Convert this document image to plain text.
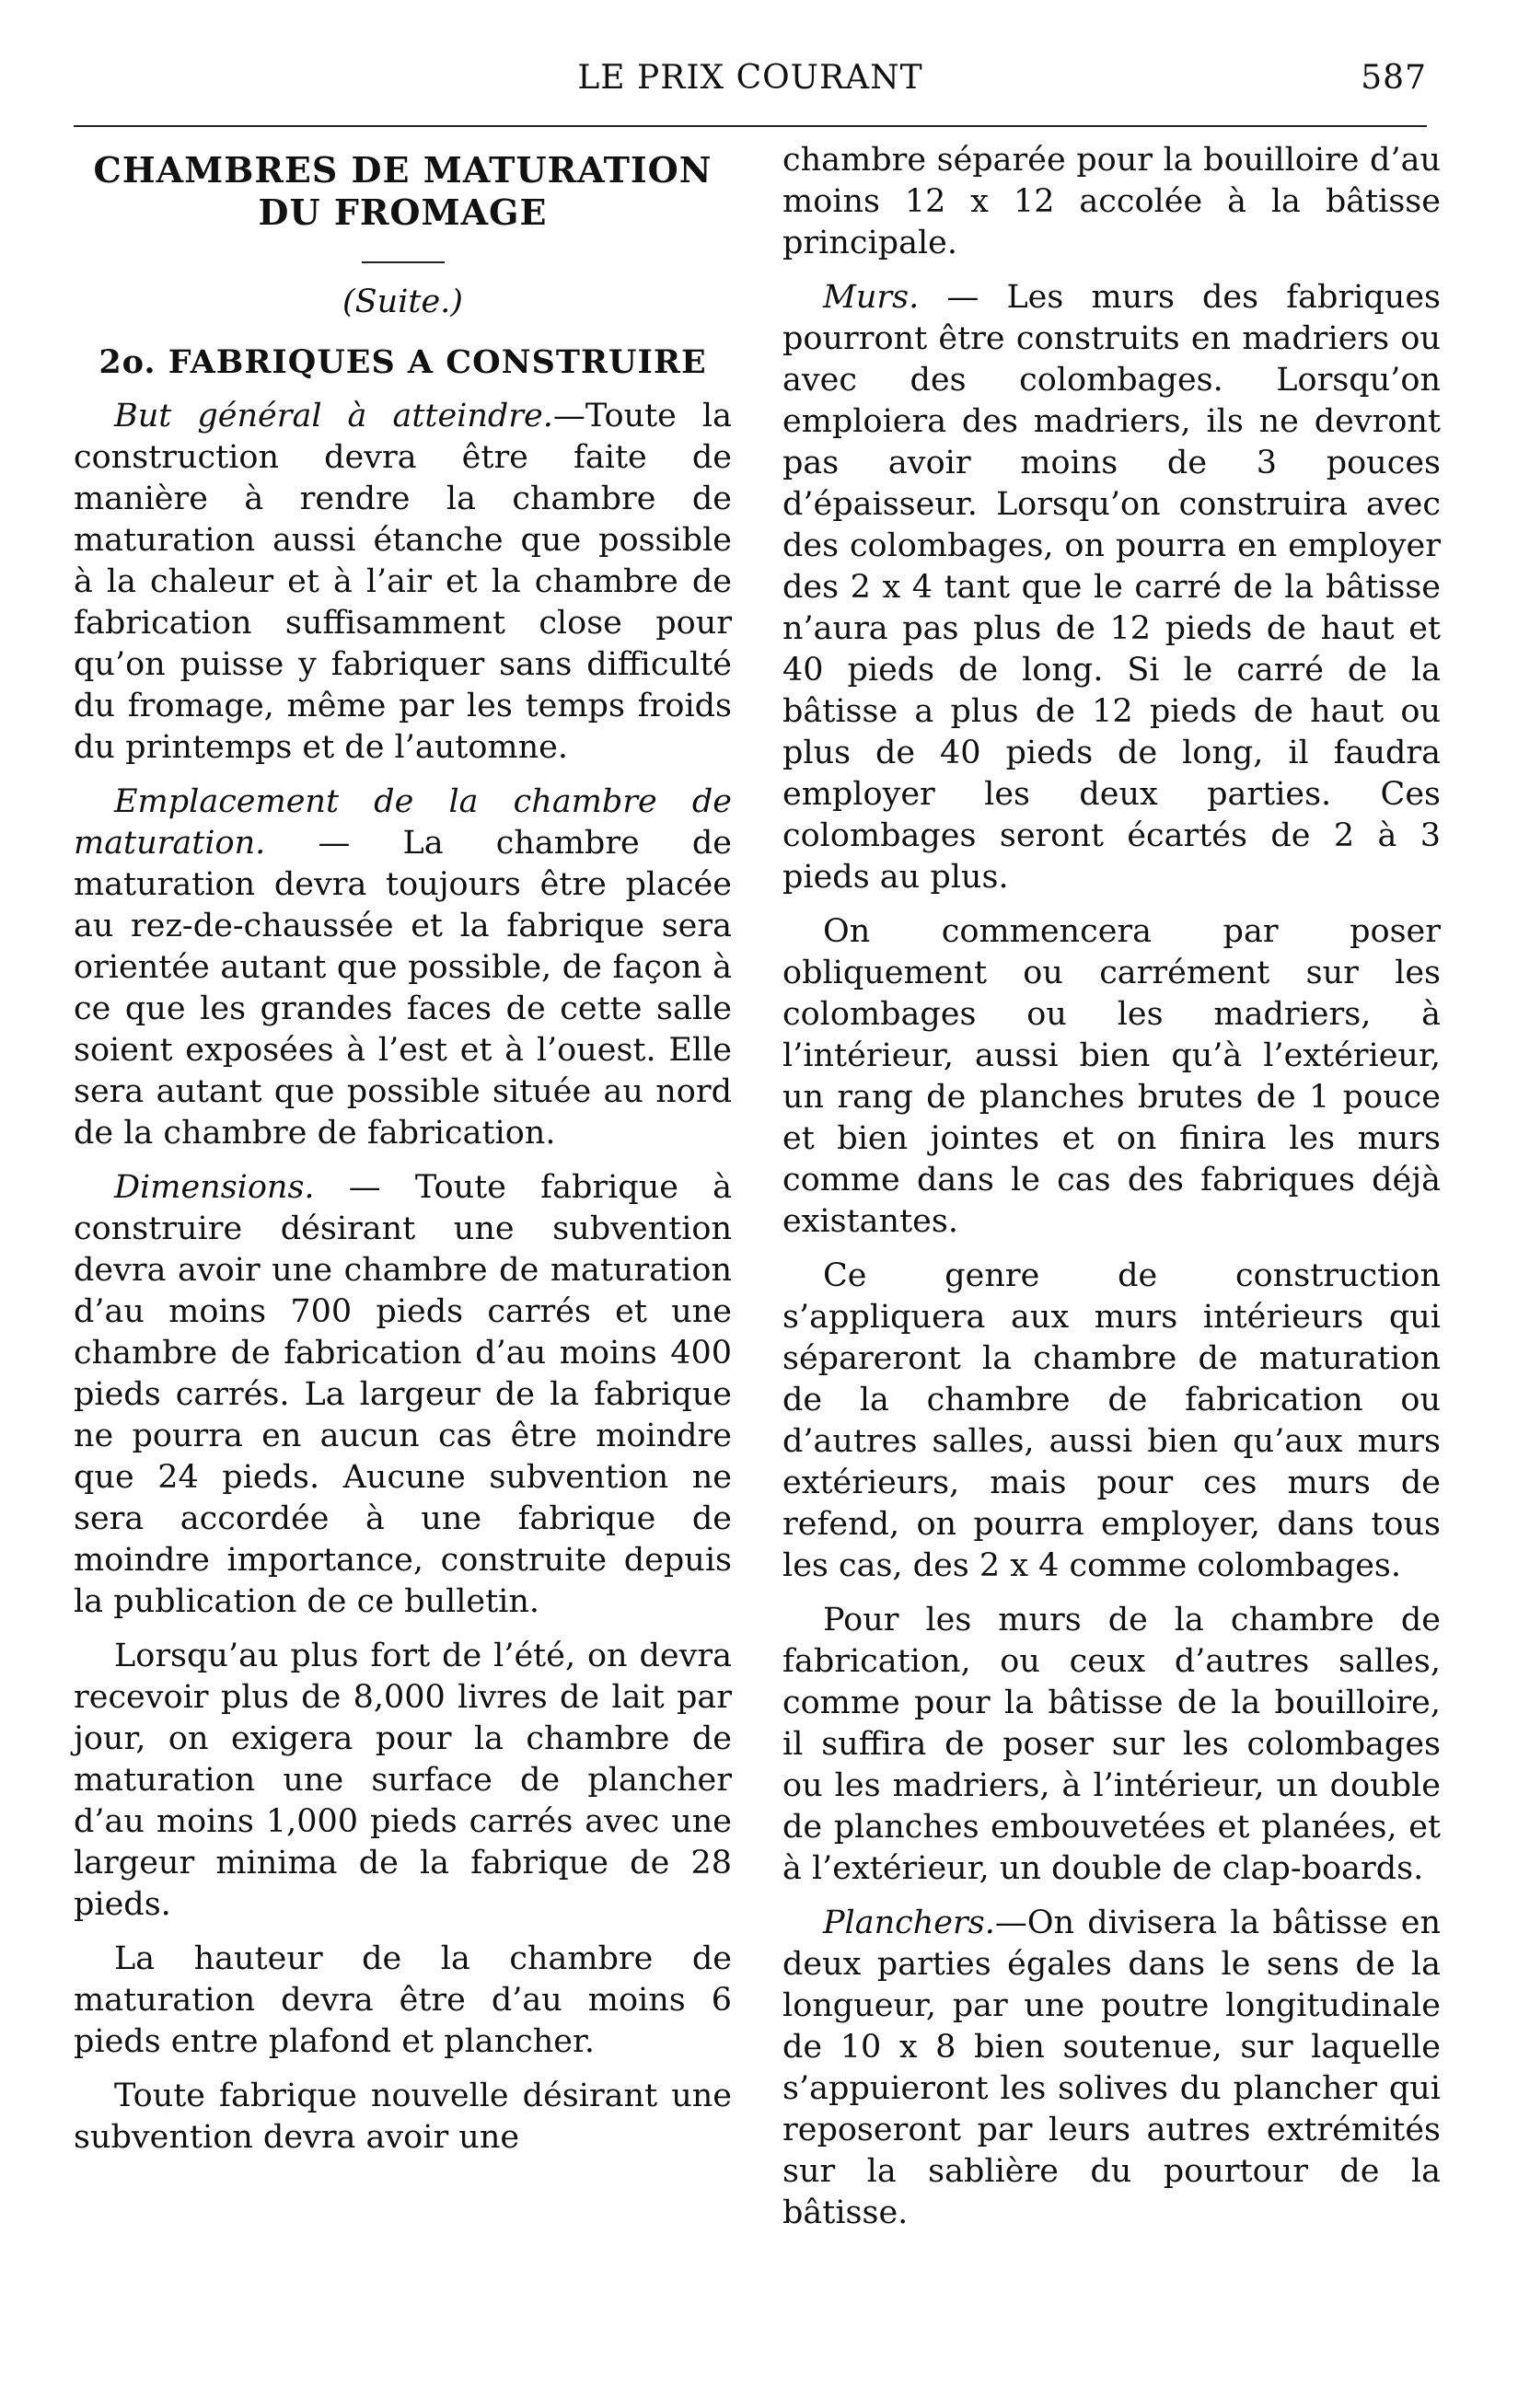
LE PRIX COURANT	587
CHAMBRES DE MATURATION
DU FROMAGE
(Suite.)
2o. FABRIQUES A CONSTRUIRE

But général à atteindre.—Toute la construction devra être faite de manière à rendre la chambre de maturation aussi étanche que possible à la chaleur et à l’air et la chambre de fabrication suffisamment close pour qu’on puisse y fabriquer sans difficulté du fromage, même par les temps froids du printemps et de l’automne.

Emplacement de la chambre de maturation. — La chambre de maturation devra toujours être placée au rez-de-chaussée et la fabrique sera orientée autant que possible, de façon à ce que les grandes faces de cette salle soient exposées à l’est et à l’ouest. Elle sera autant que possible située au nord de la chambre de fabrication.

Dimensions. — Toute fabrique à construire désirant une subvention devra avoir une chambre de maturation d’au moins 700 pieds carrés et une chambre de fabrication d’au moins 400 pieds carrés. La largeur de la fabrique ne pourra en aucun cas être moindre que 24 pieds. Aucune subvention ne sera accordée à une fabrique de moindre importance, construite depuis la publication de ce bulletin.

Lorsqu’au plus fort de l’été, on devra recevoir plus de 8,000 livres de lait par jour, on exigera pour la chambre de maturation une surface de plancher d’au moins 1,000 pieds carrés avec une largeur minima de la fabrique de 28 pieds.

La hauteur de la chambre de maturation devra être d’au moins 6 pieds entre plafond et plancher.

Toute fabrique nouvelle désirant une subvention devra avoir une

chambre séparée pour la bouilloire d’au moins 12 x 12 accolée à la bâtisse principale.

Murs. — Les murs des fabriques pourront être construits en madriers ou avec des colombages. Lorsqu’on emploiera des madriers, ils ne devront pas avoir moins de 3 pouces d’épaisseur. Lorsqu’on construira avec des colombages, on pourra en employer des 2 x 4 tant que le carré de la bâtisse n’aura pas plus de 12 pieds de haut et 40 pieds de long. Si le carré de la bâtisse a plus de 12 pieds de haut ou plus de 40 pieds de long, il faudra employer les deux parties. Ces colombages seront écartés de 2 à 3 pieds au plus.

On commencera par poser obliquement ou carrément sur les colombages ou les madriers, à l’intérieur, aussi bien qu’à l’extérieur, un rang de planches brutes de 1 pouce et bien jointes et on finira les murs comme dans le cas des fabriques déjà existantes.

Ce genre de construction s’appliquera aux murs intérieurs qui sépareront la chambre de maturation de la chambre de fabrication ou d’autres salles, aussi bien qu’aux murs extérieurs, mais pour ces murs de refend, on pourra employer, dans tous les cas, des 2 x 4 comme colombages.

Pour les murs de la chambre de fabrication, ou ceux d’autres salles, comme pour la bâtisse de la bouilloire, il suffira de poser sur les colombages ou les madriers, à l’intérieur, un double de planches embouvetées et planées, et à l’extérieur, un double de clap-boards.

Planchers.—On divisera la bâtisse en deux parties égales dans le sens de la longueur, par une poutre longitudinale de 10 x 8 bien soutenue, sur laquelle s’appuieront les solives du plancher qui reposeront par leurs autres extrémités sur la sablière du pourtour de la bâtisse.
